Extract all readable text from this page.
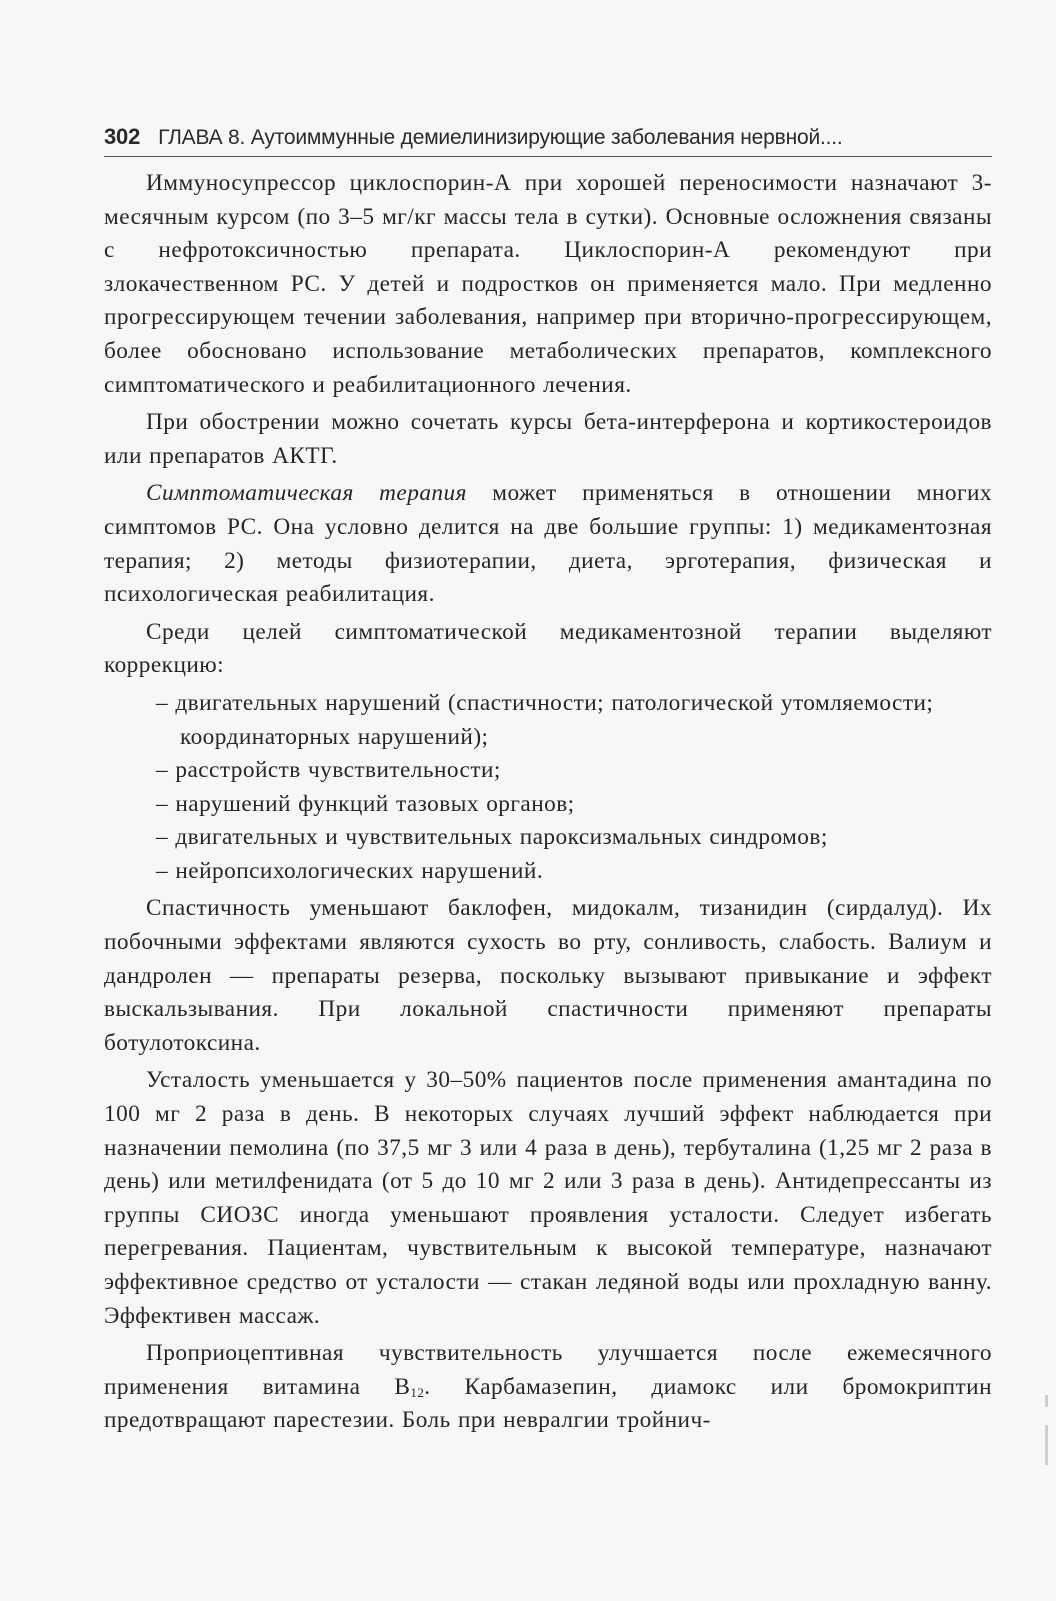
302 ГЛАВА 8. Аутоиммунные демиелинизирующие заболевания нервной....

Иммуносупрессор циклоспорин-А при хорошей переносимости назначают 3-месячным курсом (по 3–5 мг/кг массы тела в сутки). Основные осложнения связаны с нефротоксичностью препарата. Циклоспорин-А рекомендуют при злокачественном РС. У детей и подростков он применяется мало. При медленно прогрессирующем течении заболевания, например при вторично-прогрессирующем, более обосновано использование метаболических препаратов, комплексного симптоматического и реабилитационного лечения.

При обострении можно сочетать курсы бета-интерферона и кортикостероидов или препаратов АКТГ.

Симптоматическая терапия может применяться в отношении многих симптомов РС. Она условно делится на две большие группы: 1) медикаментозная терапия; 2) методы физиотерапии, диета, эрготерапия, физическая и психологическая реабилитация.

Среди целей симптоматической медикаментозной терапии выделяют коррекцию:

– двигательных нарушений (спастичности; патологической утомляемости; координаторных нарушений);
– расстройств чувствительности;
– нарушений функций тазовых органов;
– двигательных и чувствительных пароксизмальных синдромов;
– нейропсихологических нарушений.

Спастичность уменьшают баклофен, мидокалм, тизанидин (сирдалуд). Их побочными эффектами являются сухость во рту, сонливость, слабость. Валиум и дандролен — препараты резерва, поскольку вызывают привыкание и эффект выскальзывания. При локальной спастичности применяют препараты ботулотоксина.

Усталость уменьшается у 30–50% пациентов после применения амантадина по 100 мг 2 раза в день. В некоторых случаях лучший эффект наблюдается при назначении пемолина (по 37,5 мг 3 или 4 раза в день), тербуталина (1,25 мг 2 раза в день) или метилфенидата (от 5 до 10 мг 2 или 3 раза в день). Антидепрессанты из группы СИОЗС иногда уменьшают проявления усталости. Следует избегать перегревания. Пациентам, чувствительным к высокой температуре, назначают эффективное средство от усталости — стакан ледяной воды или прохладную ванну. Эффективен массаж.

Проприоцептивная чувствительность улучшается после ежемесячного применения витамина $B_{12}$. Карбамазепин, диамокс или бромокриптин предотвращают парестезии. Боль при невралгии тройнич-
